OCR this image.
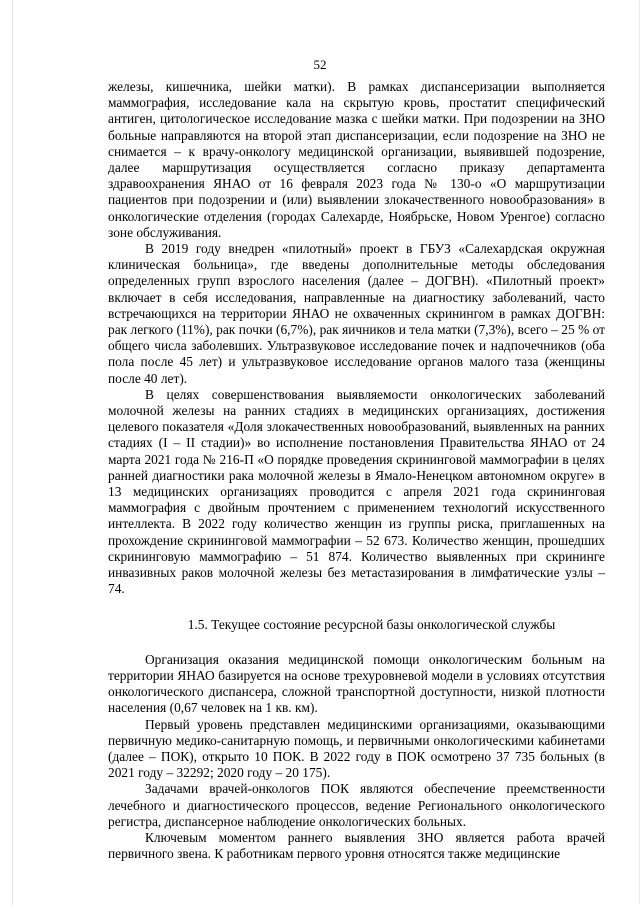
52

железы, кишечника, шейки матки). В рамках диспансеризации выполняется маммография, исследование кала на скрытую кровь, простатит специфический антиген, цитологическое исследование мазка с шейки матки. При подозрении на ЗНО больные направляются на второй этап диспансеризации, если подозрение на ЗНО не снимается – к врачу-онкологу медицинской организации, выявившей подозрение, далее маршрутизация осуществляется согласно приказу департамента здравоохранения ЯНАО от 16 февраля 2023 года № 130-о «О маршрутизации пациентов при подозрении и (или) выявлении злокачественного новообразования» в онкологические отделения (городах Салехарде, Ноябрьске, Новом Уренгое) согласно зоне обслуживания.

В 2019 году внедрен «пилотный» проект в ГБУЗ «Салехардская окружная клиническая больница», где введены дополнительные методы обследования определенных групп взрослого населения (далее – ДОГВН). «Пилотный проект» включает в себя исследования, направленные на диагностику заболеваний, часто встречающихся на территории ЯНАО не охваченных скринингом в рамках ДОГВН: рак легкого (11%), рак почки (6,7%), рак яичников и тела матки (7,3%), всего – 25 % от общего числа заболевших. Ультразвуковое исследование почек и надпочечников (оба пола после 45 лет) и ультразвуковое исследование органов малого таза (женщины после 40 лет).

В целях совершенствования выявляемости онкологических заболеваний молочной железы на ранних стадиях в медицинских организациях, достижения целевого показателя «Доля злокачественных новообразований, выявленных на ранних стадиях (I – II стадии)» во исполнение постановления Правительства ЯНАО от 24 марта 2021 года № 216-П «О порядке проведения скрининговой маммографии в целях ранней диагностики рака молочной железы в Ямало-Ненецком автономном округе» в 13 медицинских организациях проводится с апреля 2021 года скрининговая маммография с двойным прочтением с применением технологий искусственного интеллекта. В 2022 году количество женщин из группы риска, приглашенных на прохождение скрининговой маммографии – 52 673. Количество женщин, прошедших скрининговую маммографию – 51 874. Количество выявленных при скрининге инвазивных раков молочной железы без метастазирования в лимфатические узлы – 74.

1.5. Текущее состояние ресурсной базы онкологической службы

Организация оказания медицинской помощи онкологическим больным на территории ЯНАО базируется на основе трехуровневой модели в условиях отсутствия онкологического диспансера, сложной транспортной доступности, низкой плотности населения (0,67 человек на 1 кв. км).

Первый уровень представлен медицинскими организациями, оказывающими первичную медико-санитарную помощь, и первичными онкологическими кабинетами (далее – ПОК), открыто 10 ПОК. В 2022 году в ПОК осмотрено 37 735 больных (в 2021 году – 32292; 2020 году – 20 175).

Задачами врачей-онкологов ПОК являются обеспечение преемственности лечебного и диагностического процессов, ведение Регионального онкологического регистра, диспансерное наблюдение онкологических больных.

Ключевым моментом раннего выявления ЗНО является работа врачей первичного звена. К работникам первого уровня относятся также медицинские
